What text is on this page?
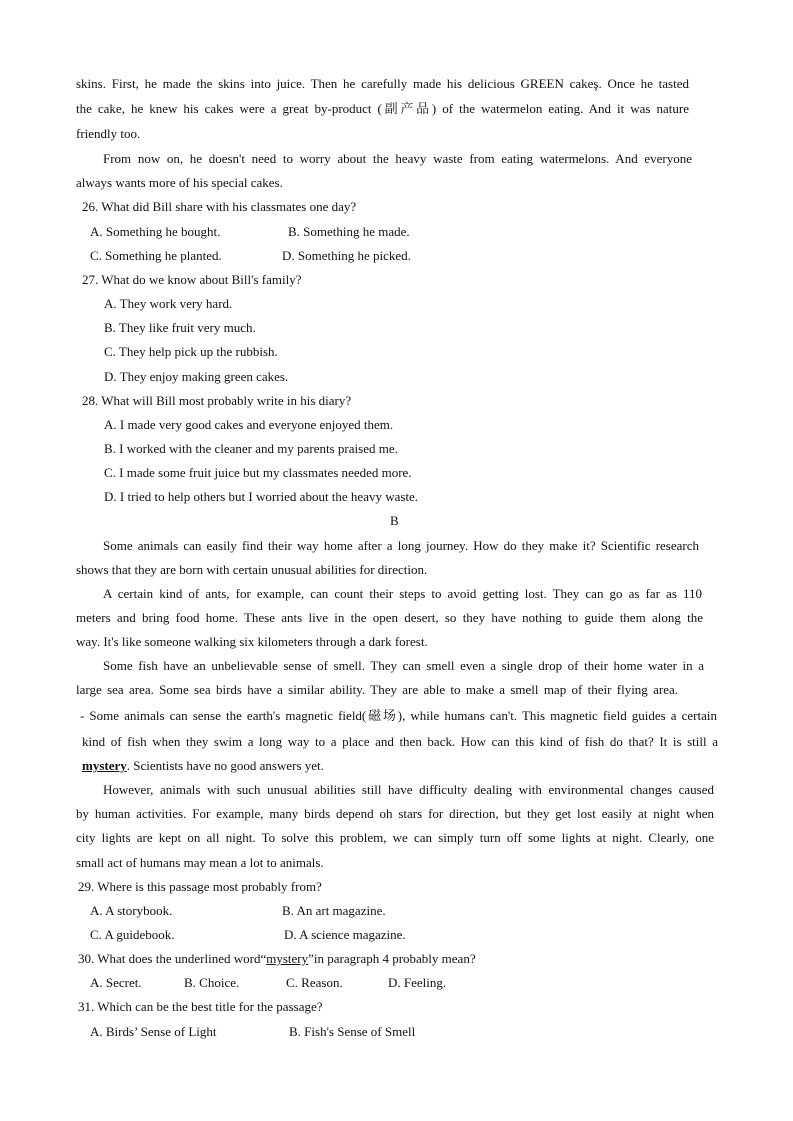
skins. First, he made the skins into juice. Then he carefully made his delicious GREEN cakeş. Once he tasted
the cake, he knew his cakes were a great by-product (副产品) of the watermelon eating. And it was nature
friendly too.
From now on, he doesn't need to worry about the heavy waste from eating watermelons. And everyone
always wants more of his special cakes.
26. What did Bill share with his classmates one day?
A. Something he bought.	B. Something he made.
C. Something he planted.	D. Something he picked.
27. What do we know about Bill's family?
A. They work very hard.
B. They like fruit very much.
C. They help pick up the rubbish.
D. They enjoy making green cakes.
28. What will Bill most probably write in his diary?
A. I made very good cakes and everyone enjoyed them.
B. I worked with the cleaner and my parents praised me.
C. I made some fruit juice but my classmates needed more.
D. I tried to help others but I worried about the heavy waste.
B
Some animals can easily find their way home after a long journey. How do they make it? Scientific research
shows that they are born with certain unusual abilities for direction.
A certain kind of ants, for example, can count their steps to avoid getting lost. They can go as far as 110
meters and bring food home. These ants live in the open desert, so they have nothing to guide them along the
way. It's like someone walking six kilometers through a dark forest.
Some fish have an unbelievable sense of smell. They can smell even a single drop of their home water in a
large sea area. Some sea birds have a similar ability. They are able to make a smell map of their flying area.
- Some animals can sense the earth's magnetic field(磁场), while humans can't. This magnetic field guides a certain
kind of fish when they swim a long way to a place and then back. How can this kind of fish do that? It is still a
mystery. Scientists have no good answers yet.
However, animals with such unusual abilities still have difficulty dealing with environmental changes caused
by human activities. For example, many birds depend oh stars for direction, but they get lost easily at night when
city lights are kept on all night. To solve this problem, we can simply turn off some lights at night. Clearly, one
small act of humans may mean a lot to animals.
29. Where is this passage most probably from?
A. A storybook.	B. An art magazine.
C. A guidebook.	D. A science magazine.
30. What does the underlined word“mystery”in paragraph 4 probably mean?
A. Secret.	B. Choice.	C. Reason.	D. Feeling.
31. Which can be the best title for the passage?
A. Birds’ Sense of Light	B. Fish's Sense of Smell
